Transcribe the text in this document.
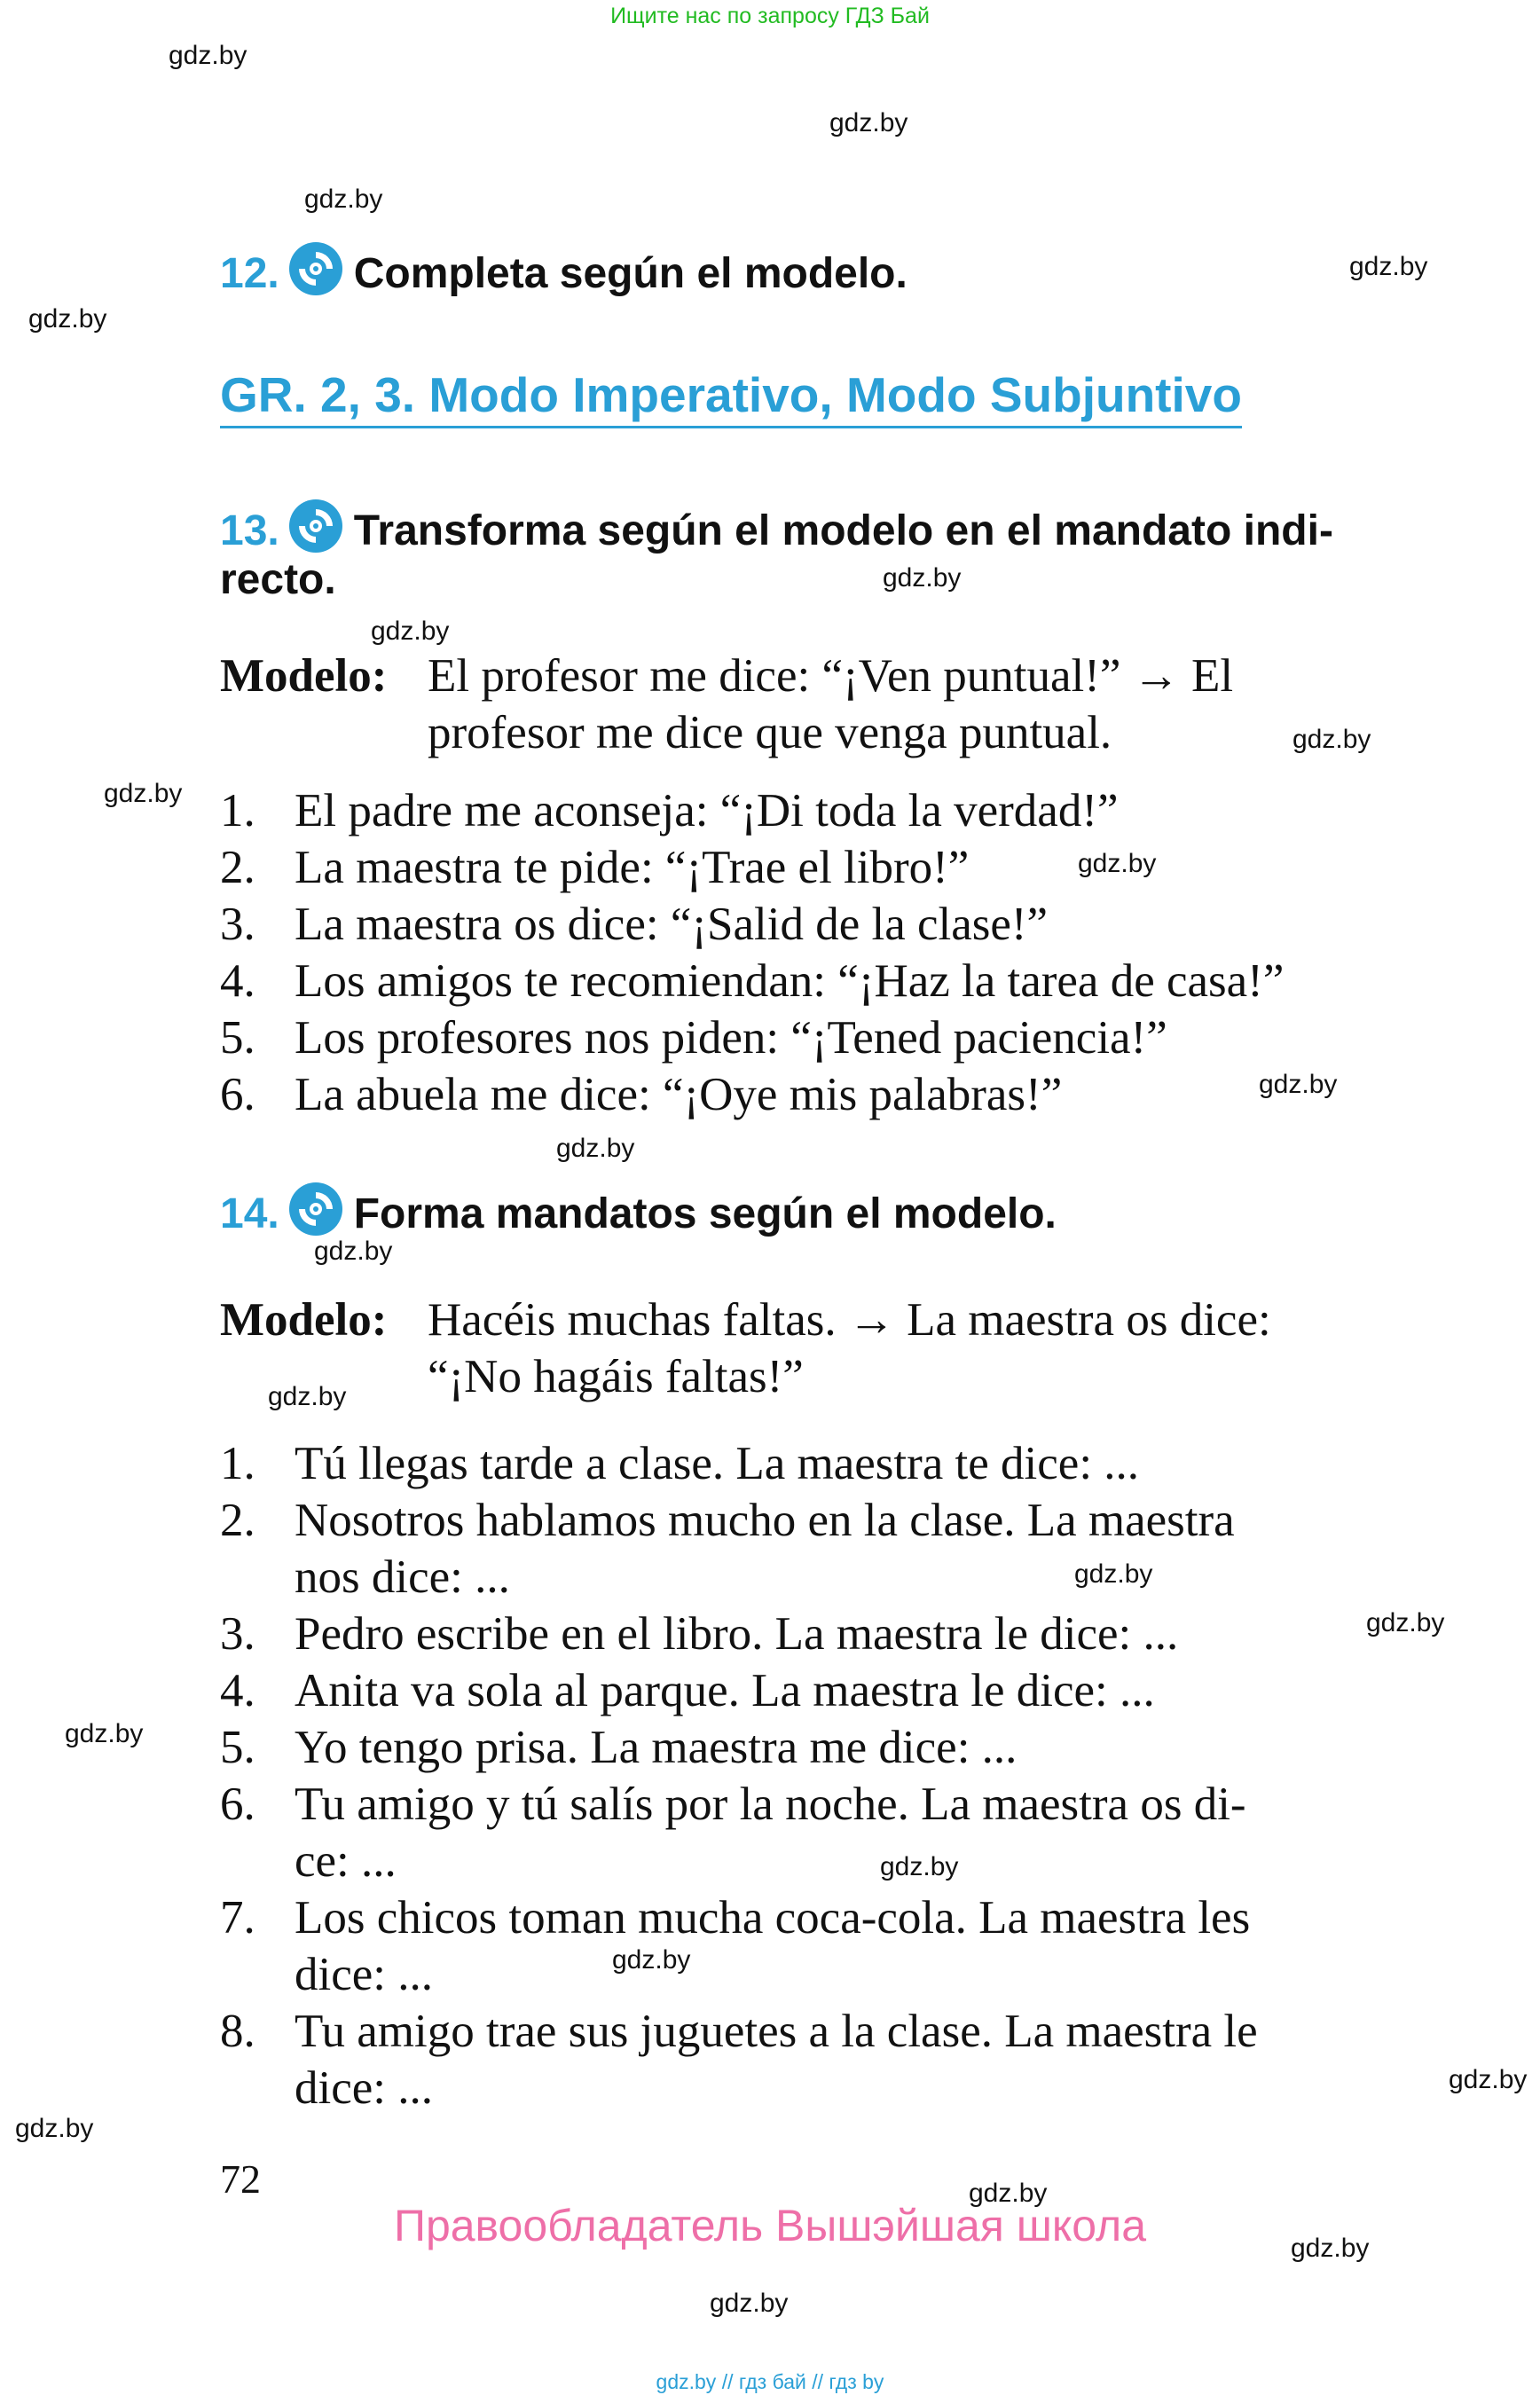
Ищите нас по запросу ГДЗ Бай
gdz.by
gdz.by
gdz.by
gdz.by
gdz.by
gdz.by
gdz.by
gdz.by
gdz.by
gdz.by
gdz.by
gdz.by
gdz.by
gdz.by
gdz.by
gdz.by
gdz.by
gdz.by
gdz.by
gdz.by
gdz.by
gdz.by
gdz.by
gdz.by
12. Completa según el modelo.
GR. 2, 3. Modo Imperativo, Modo Subjuntivo
13. Transforma según el modelo en el mandato indi-
recto.
Modelo: El profesor me dice: “¡Ven puntual!” → El
profesor me dice que venga puntual.
1. El padre me aconseja: “¡Di toda la verdad!”
2. La maestra te pide: “¡Trae el libro!”
3. La maestra os dice: “¡Salid de la clase!”
4. Los amigos te recomiendan: “¡Haz la tarea de casa!”
5. Los profesores nos piden: “¡Tened paciencia!”
6. La abuela me dice: “¡Oye mis palabras!”
14. Forma mandatos según el modelo.
Modelo: Hacéis muchas faltas. → La maestra os dice:
“¡No hagáis faltas!”
1. Tú llegas tarde a clase. La maestra te dice: ...
2. Nosotros hablamos mucho en la clase. La maestra
nos dice: ...
3. Pedro escribe en el libro. La maestra le dice: ...
4. Anita va sola al parque. La maestra le dice: ...
5. Yo tengo prisa. La maestra me dice: ...
6. Tu amigo y tú salís por la noche. La maestra os di-
ce: ...
7. Los chicos toman mucha coca-cola. La maestra les
dice: ...
8. Tu amigo trae sus juguetes a la clase. La maestra le
dice: ...
72
Правообладатель Вышэйшая школа
gdz.by // гдз бай // гдз by
